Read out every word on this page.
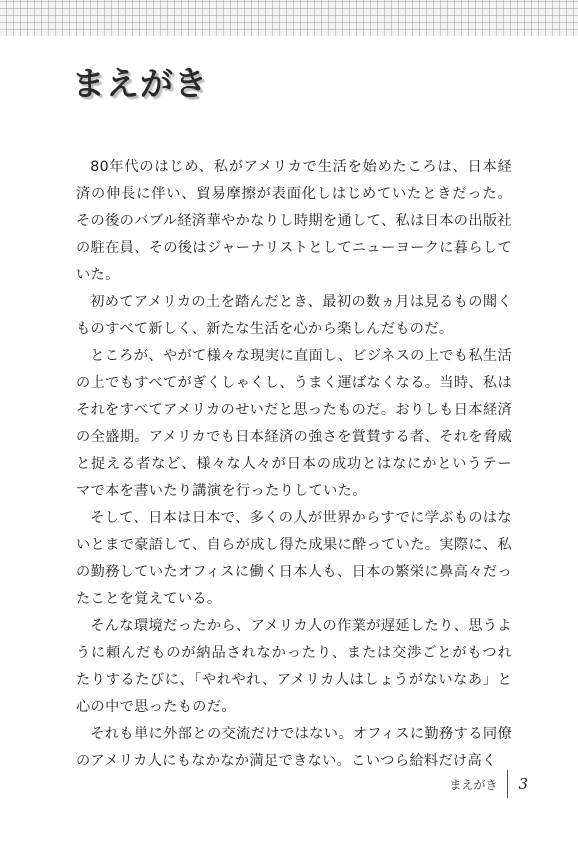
まえがき

80年代のはじめ、私がアメリカで生活を始めたころは、日本経済の伸長に伴い、貿易摩擦が表面化しはじめていたときだった。その後のバブル経済華やかなりし時期を通して、私は日本の出版社の駐在員、その後はジャーナリストとしてニューヨークに暮らしていた。

初めてアメリカの土を踏んだとき、最初の数ヵ月は見るもの聞くものすべて新しく、新たな生活を心から楽しんだものだ。

ところが、やがて様々な現実に直面し、ビジネスの上でも私生活の上でもすべてがぎくしゃくし、うまく運ばなくなる。当時、私はそれをすべてアメリカのせいだと思ったものだ。おりしも日本経済の全盛期。アメリカでも日本経済の強さを賞賛する者、それを脅威と捉える者など、様々な人々が日本の成功とはなにかというテーマで本を書いたり講演を行ったりしていた。

そして、日本は日本で、多くの人が世界からすでに学ぶものはないとまで豪語して、自らが成し得た成果に酔っていた。実際に、私の勤務していたオフィスに働く日本人も、日本の繁栄に鼻高々だったことを覚えている。

そんな環境だったから、アメリカ人の作業が遅延したり、思うように頼んだものが納品されなかったり、または交渉ごとがもつれたりするたびに、「やれやれ、アメリカ人はしょうがないなあ」と心の中で思ったものだ。

それも単に外部との交流だけではない。オフィスに勤務する同僚のアメリカ人にもなかなか満足できない。こいつら給料だけ高く

まえがき 3
